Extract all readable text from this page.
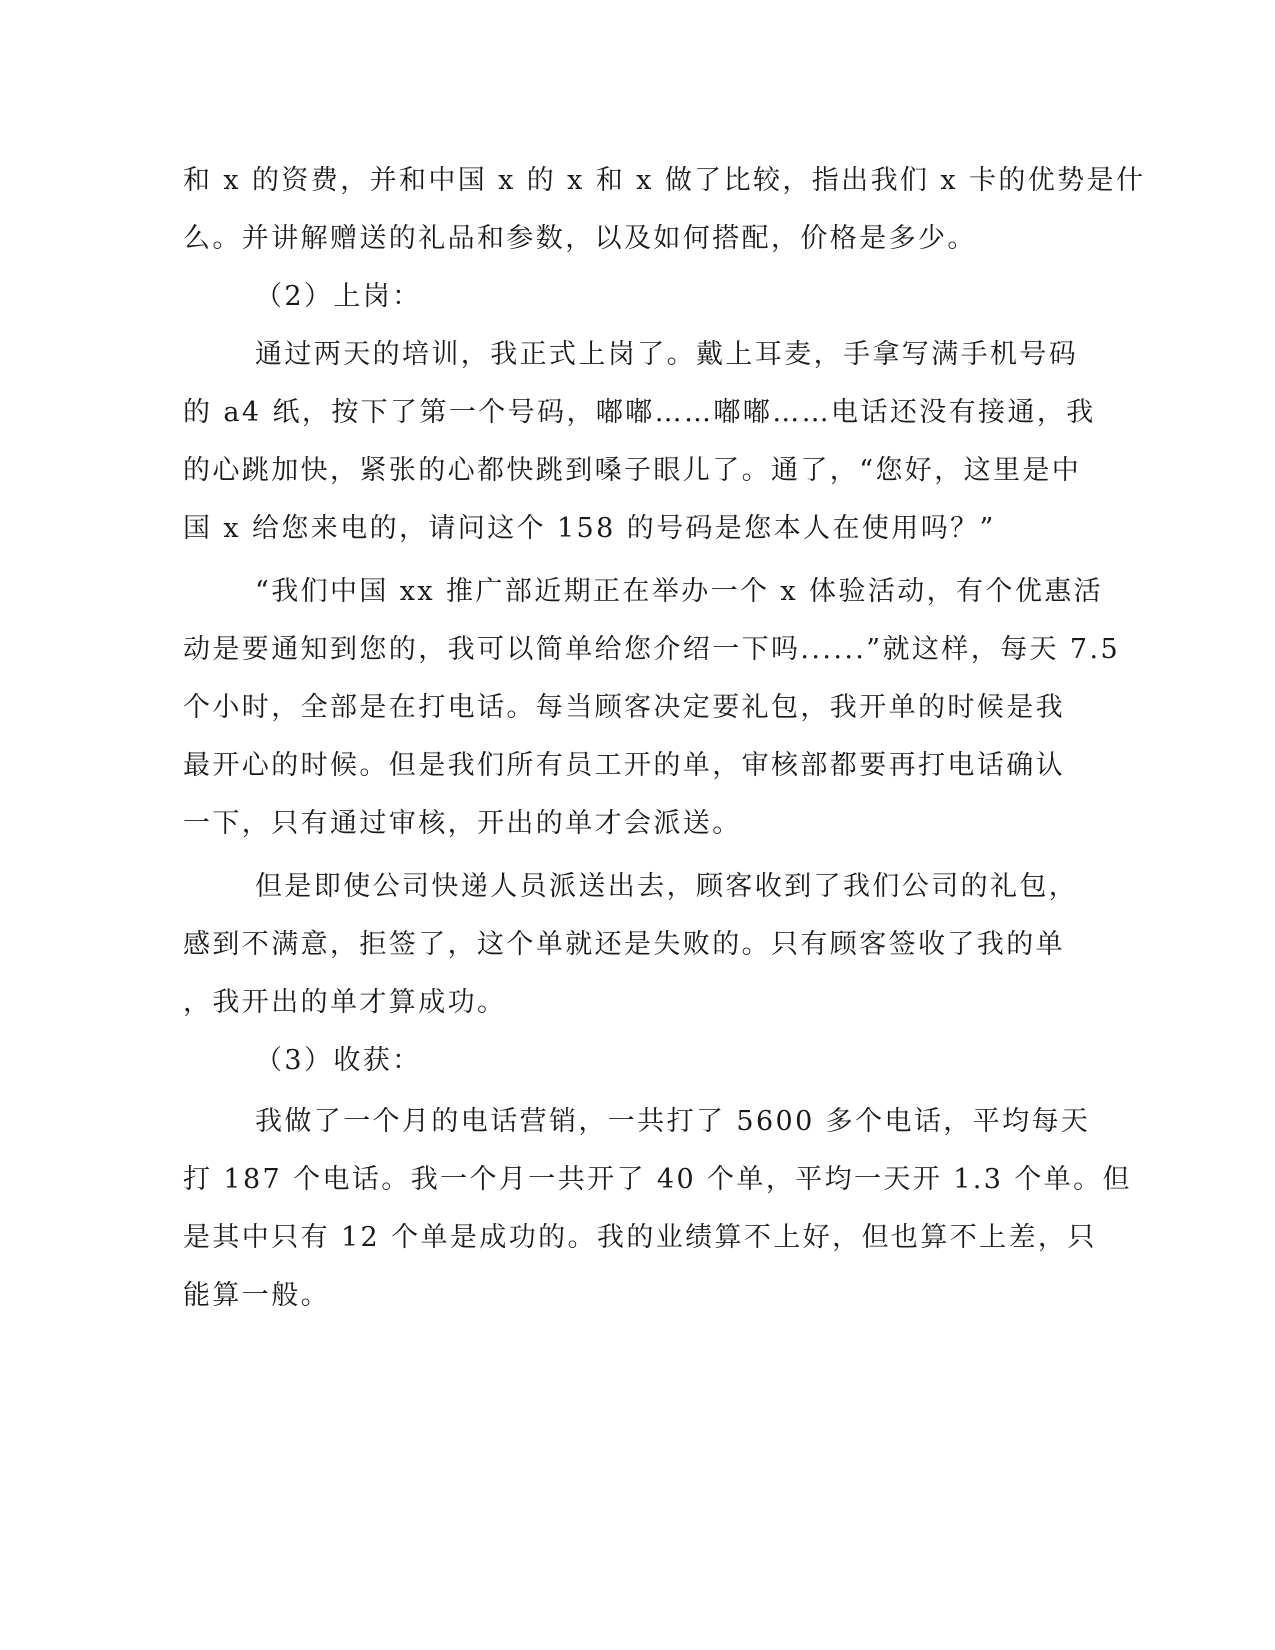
和 x 的资费，并和中国 x 的 x 和 x 做了比较，指出我们 x 卡的优势是什
么。并讲解赠送的礼品和参数，以及如何搭配，价格是多少。
（2）上岗：
通过两天的培训，我正式上岗了。戴上耳麦，手拿写满手机号码
的 a4 纸，按下了第一个号码，嘟嘟……嘟嘟……电话还没有接通，我
的心跳加快，紧张的心都快跳到嗓子眼儿了。通了，“您好，这里是中
国 x 给您来电的，请问这个 158 的号码是您本人在使用吗？”
“我们中国 xx 推广部近期正在举办一个 x 体验活动，有个优惠活
动是要通知到您的，我可以简单给您介绍一下吗......”就这样，每天 7.5
个小时，全部是在打电话。每当顾客决定要礼包，我开单的时候是我
最开心的时候。但是我们所有员工开的单，审核部都要再打电话确认
一下，只有通过审核，开出的单才会派送。
但是即使公司快递人员派送出去，顾客收到了我们公司的礼包，
感到不满意，拒签了，这个单就还是失败的。只有顾客签收了我的单
，我开出的单才算成功。
（3）收获：
我做了一个月的电话营销，一共打了 5600 多个电话，平均每天
打 187 个电话。我一个月一共开了 40 个单，平均一天开 1.3 个单。但
是其中只有 12 个单是成功的。我的业绩算不上好，但也算不上差，只
能算一般。
